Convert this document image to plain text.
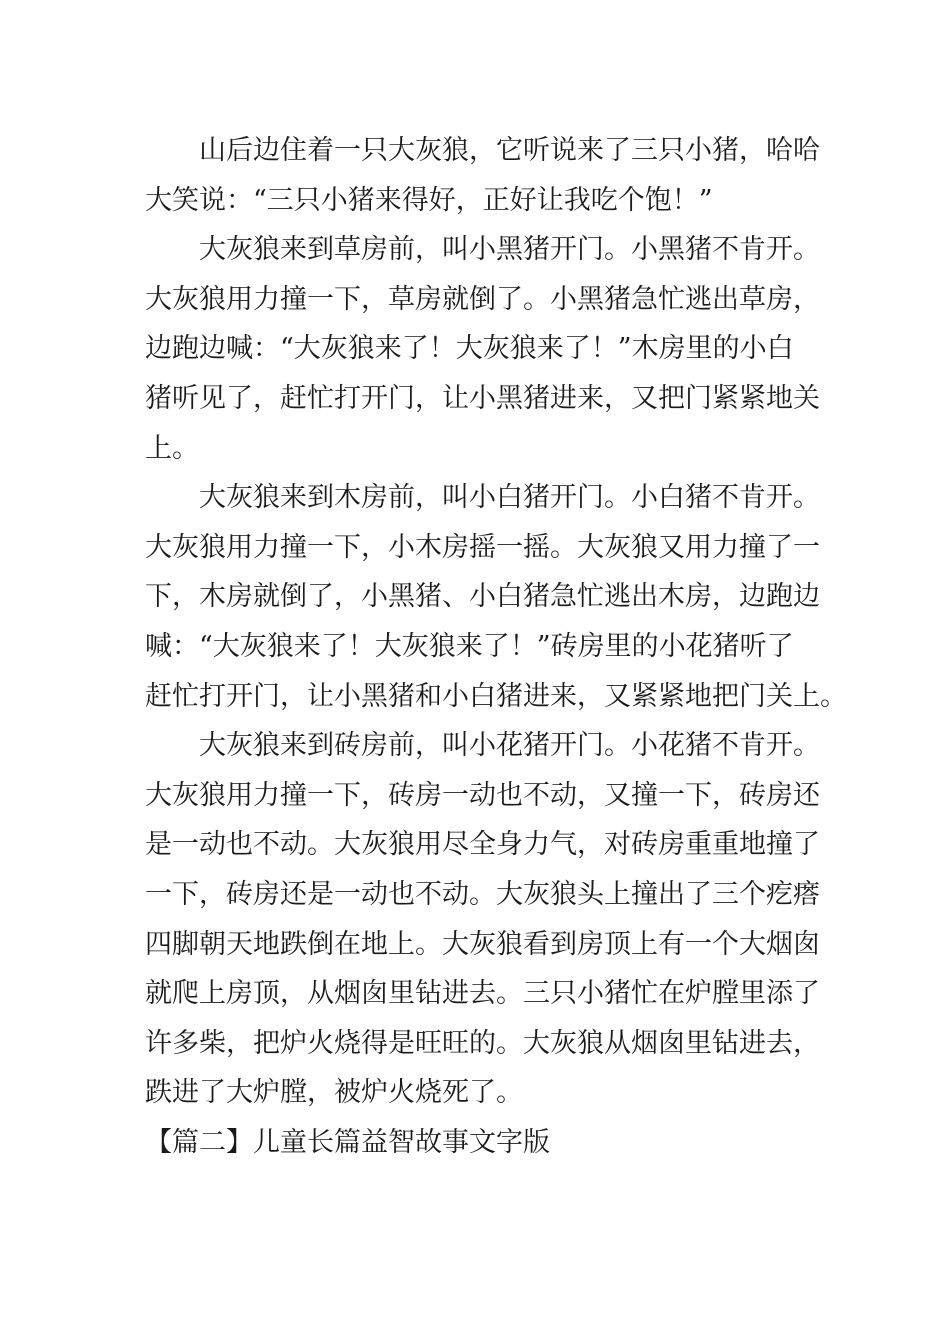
山后边住着一只大灰狼，它听说来了三只小猪，哈哈
大笑说：“三只小猪来得好，正好让我吃个饱！”

大灰狼来到草房前，叫小黑猪开门。小黑猪不肯开。
大灰狼用力撞一下，草房就倒了。小黑猪急忙逃出草房，
边跑边喊：“大灰狼来了！大灰狼来了！”木房里的小白
猪听见了，赶忙打开门，让小黑猪进来，又把门紧紧地关
上。

大灰狼来到木房前，叫小白猪开门。小白猪不肯开。
大灰狼用力撞一下，小木房摇一摇。大灰狼又用力撞了一
下，木房就倒了，小黑猪、小白猪急忙逃出木房，边跑边
喊：“大灰狼来了！大灰狼来了！”砖房里的小花猪听了
赶忙打开门，让小黑猪和小白猪进来，又紧紧地把门关上。

大灰狼来到砖房前，叫小花猪开门。小花猪不肯开。
大灰狼用力撞一下，砖房一动也不动，又撞一下，砖房还
是一动也不动。大灰狼用尽全身力气，对砖房重重地撞了
一下，砖房还是一动也不动。大灰狼头上撞出了三个疙瘩
四脚朝天地跌倒在地上。大灰狼看到房顶上有一个大烟囱
就爬上房顶，从烟囱里钻进去。三只小猪忙在炉膛里添了
许多柴，把炉火烧得是旺旺的。大灰狼从烟囱里钻进去，
跌进了大炉膛，被炉火烧死了。

【篇二】儿童长篇益智故事文字版
